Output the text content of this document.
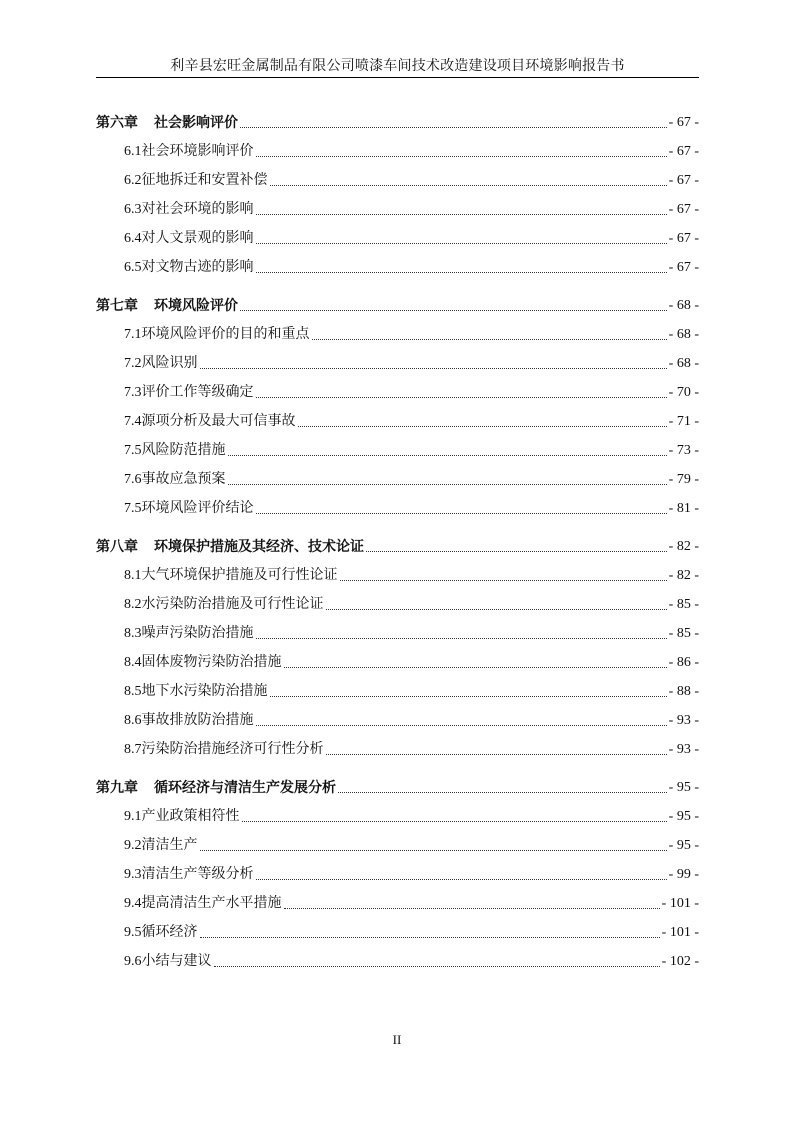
利辛县宏旺金属制品有限公司喷漆车间技术改造建设项目环境影响报告书
第六章 社会影响评价	- 67 -
6.1社会环境影响评价	- 67 -
6.2征地拆迁和安置补偿	- 67 -
6.3对社会环境的影响	- 67 -
6.4对人文景观的影响	- 67 -
6.5对文物古迹的影响	- 67 -
第七章 环境风险评价	- 68 -
7.1环境风险评价的目的和重点	- 68 -
7.2风险识别	- 68 -
7.3评价工作等级确定	- 70 -
7.4源项分析及最大可信事故	- 71 -
7.5风险防范措施	- 73 -
7.6事故应急预案	- 79 -
7.5环境风险评价结论	- 81 -
第八章 环境保护措施及其经济、技术论证	- 82 -
8.1大气环境保护措施及可行性论证	- 82 -
8.2水污染防治措施及可行性论证	- 85 -
8.3噪声污染防治措施	- 85 -
8.4固体废物污染防治措施	- 86 -
8.5地下水污染防治措施	- 88 -
8.6事故排放防治措施	- 93 -
8.7污染防治措施经济可行性分析	- 93 -
第九章 循环经济与清洁生产发展分析	- 95 -
9.1产业政策相符性	- 95 -
9.2清洁生产	- 95 -
9.3清洁生产等级分析	- 99 -
9.4提高清洁生产水平措施	- 101 -
9.5循环经济	- 101 -
9.6小结与建议	- 102 -
II
